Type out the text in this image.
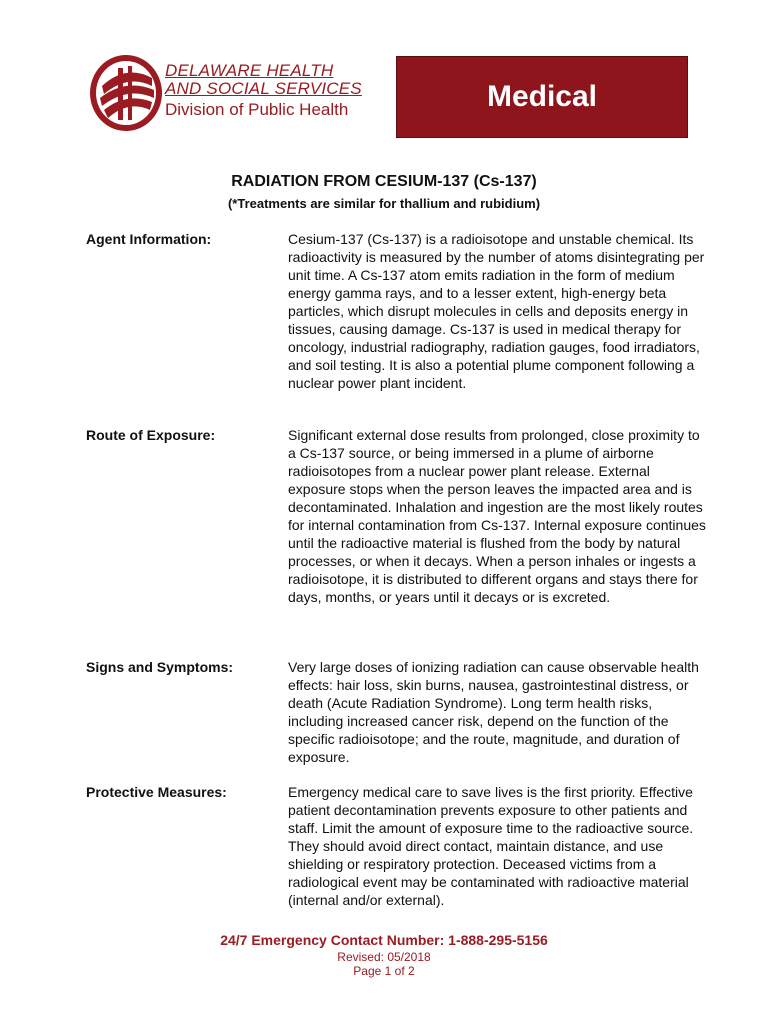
DELAWARE HEALTH
AND SOCIAL SERVICES
Division of Public Health	Medical
RADIATION FROM CESIUM-137 (Cs-137)
(*Treatments are similar for thallium and rubidium)
Agent Information:	Cesium-137 (Cs-137) is a radioisotope and unstable chemical. Its radioactivity is measured by the number of atoms disintegrating per unit time. A Cs-137 atom emits radiation in the form of medium energy gamma rays, and to a lesser extent, high-energy beta particles, which disrupt molecules in cells and deposits energy in tissues, causing damage. Cs-137 is used in medical therapy for oncology, industrial radiography, radiation gauges, food irradiators, and soil testing. It is also a potential plume component following a nuclear power plant incident.
Route of Exposure:	Significant external dose results from prolonged, close proximity to a Cs-137 source, or being immersed in a plume of airborne radioisotopes from a nuclear power plant release. External exposure stops when the person leaves the impacted area and is decontaminated. Inhalation and ingestion are the most likely routes for internal contamination from Cs-137. Internal exposure continues until the radioactive material is flushed from the body by natural processes, or when it decays. When a person inhales or ingests a radioisotope, it is distributed to different organs and stays there for days, months, or years until it decays or is excreted.
Signs and Symptoms:	Very large doses of ionizing radiation can cause observable health effects: hair loss, skin burns, nausea, gastrointestinal distress, or death (Acute Radiation Syndrome). Long term health risks, including increased cancer risk, depend on the function of the specific radioisotope; and the route, magnitude, and duration of exposure.
Protective Measures:	Emergency medical care to save lives is the first priority. Effective patient decontamination prevents exposure to other patients and staff. Limit the amount of exposure time to the radioactive source. They should avoid direct contact, maintain distance, and use shielding or respiratory protection. Deceased victims from a radiological event may be contaminated with radioactive material (internal and/or external).
24/7 Emergency Contact Number: 1-888-295-5156
Revised: 05/2018
Page 1 of 2
